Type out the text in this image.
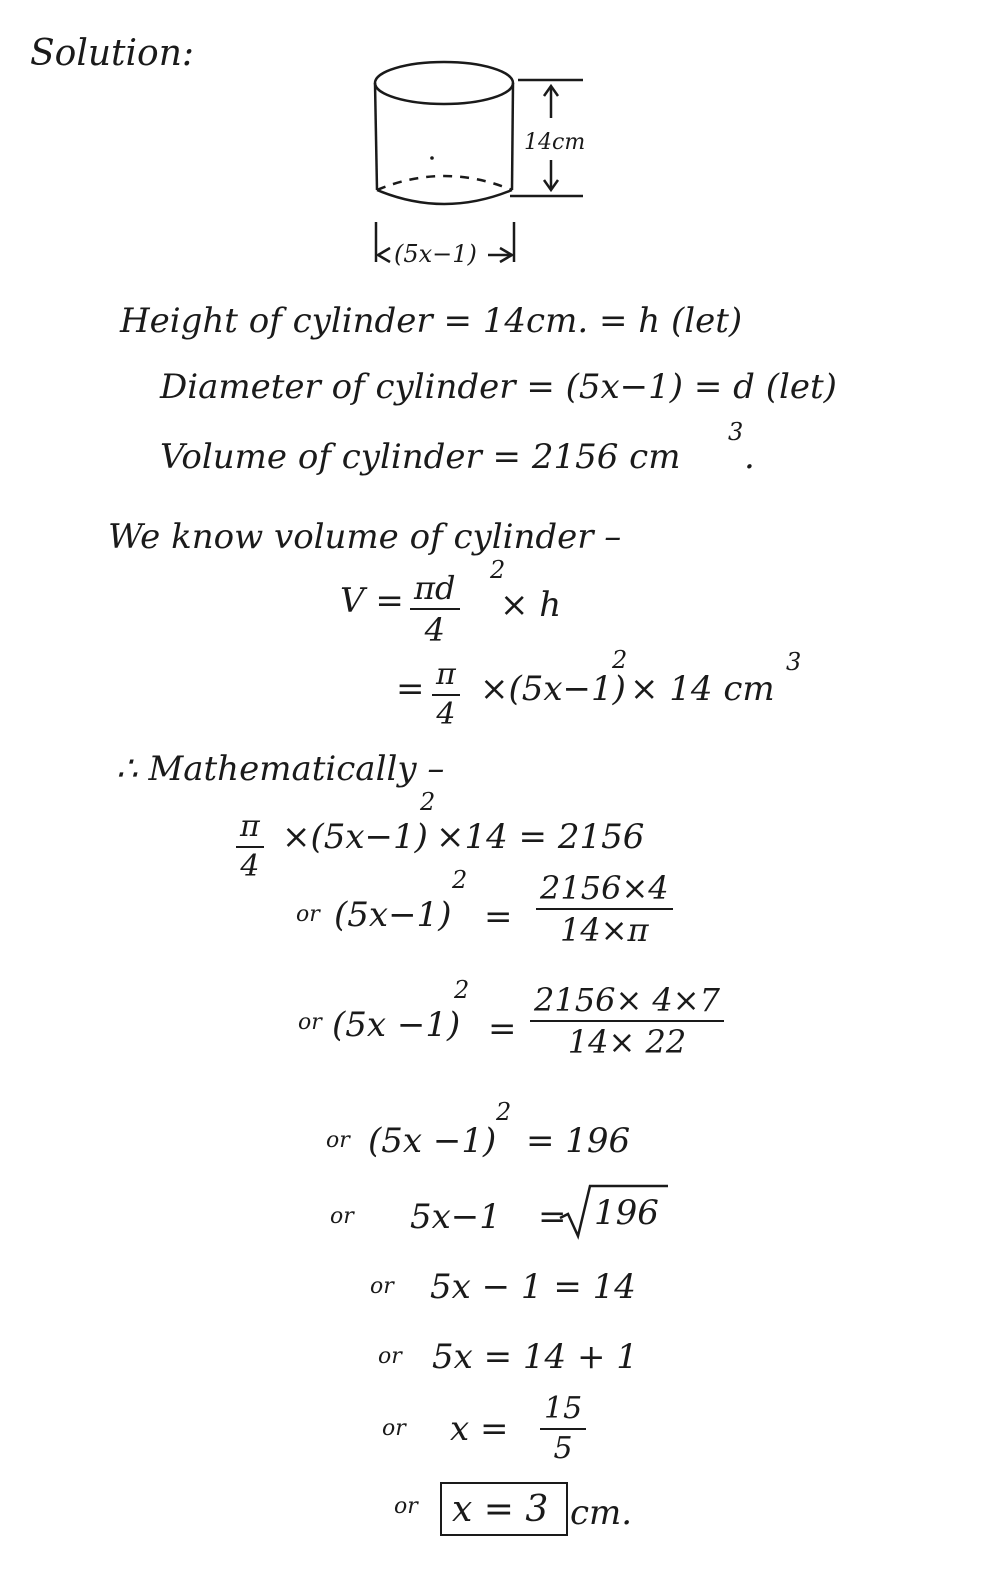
Solution:
14cm
(5x−1)
Height of cylinder = 14cm. = h (let)
Diameter of cylinder = (5x−1) = d (let)
Volume of cylinder = 2156 cm
3
.
We know volume of cylinder –
$V = \frac{\pi d}{4}$
2
× h
= $\frac{\pi}{4} \times(5x-1)$
2
× 14 cm
3
∴ Mathematically –
$\frac{\pi}{4} \times(5x-1)$
2
×14 = 2156
or (5x−1)
2
= $\frac{2156\times 4}{14\times\pi}$
or (5x −1)
2
= $\frac{2156\times 4\times 7}{14\times 22}$
or (5x −1)
2
= 196
or 5x−1 = 196
or 5x − 1 = 14
or 5x = 14 + 1
or $x = \frac{15}{5}$
or x = 3 cm.
